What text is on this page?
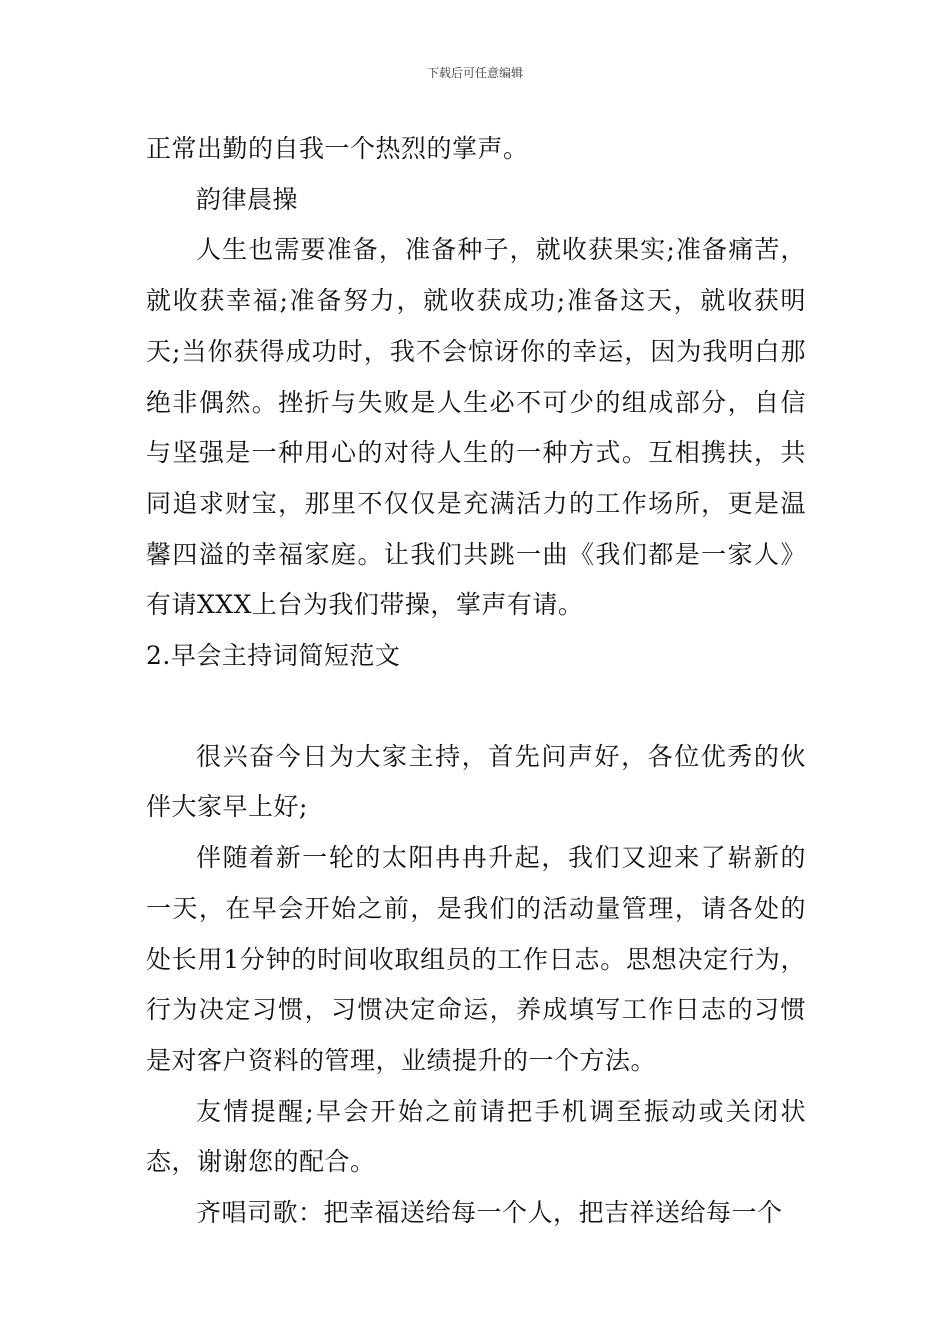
下载后可任意编辑

正常出勤的自我一个热烈的掌声。

韵律晨操

人生也需要准备，准备种子，就收获果实;准备痛苦，就收获幸福;准备努力，就收获成功;准备这天，就收获明天;当你获得成功时，我不会惊讶你的幸运，因为我明白那绝非偶然。挫折与失败是人生必不可少的组成部分，自信与坚强是一种用心的对待人生的一种方式。互相携扶，共同追求财宝，那里不仅仅是充满活力的工作场所，更是温馨四溢的幸福家庭。让我们共跳一曲《我们都是一家人》有请XXX上台为我们带操，掌声有请。

2.早会主持词简短范文

很兴奋今日为大家主持，首先问声好，各位优秀的伙伴大家早上好;

伴随着新一轮的太阳冉冉升起，我们又迎来了崭新的一天，在早会开始之前，是我们的活动量管理，请各处的处长用1分钟的时间收取组员的工作日志。思想决定行为，行为决定习惯，习惯决定命运，养成填写工作日志的习惯是对客户资料的管理，业绩提升的一个方法。

友情提醒;早会开始之前请把手机调至振动或关闭状态，谢谢您的配合。

齐唱司歌：把幸福送给每一个人，把吉祥送给每一个
